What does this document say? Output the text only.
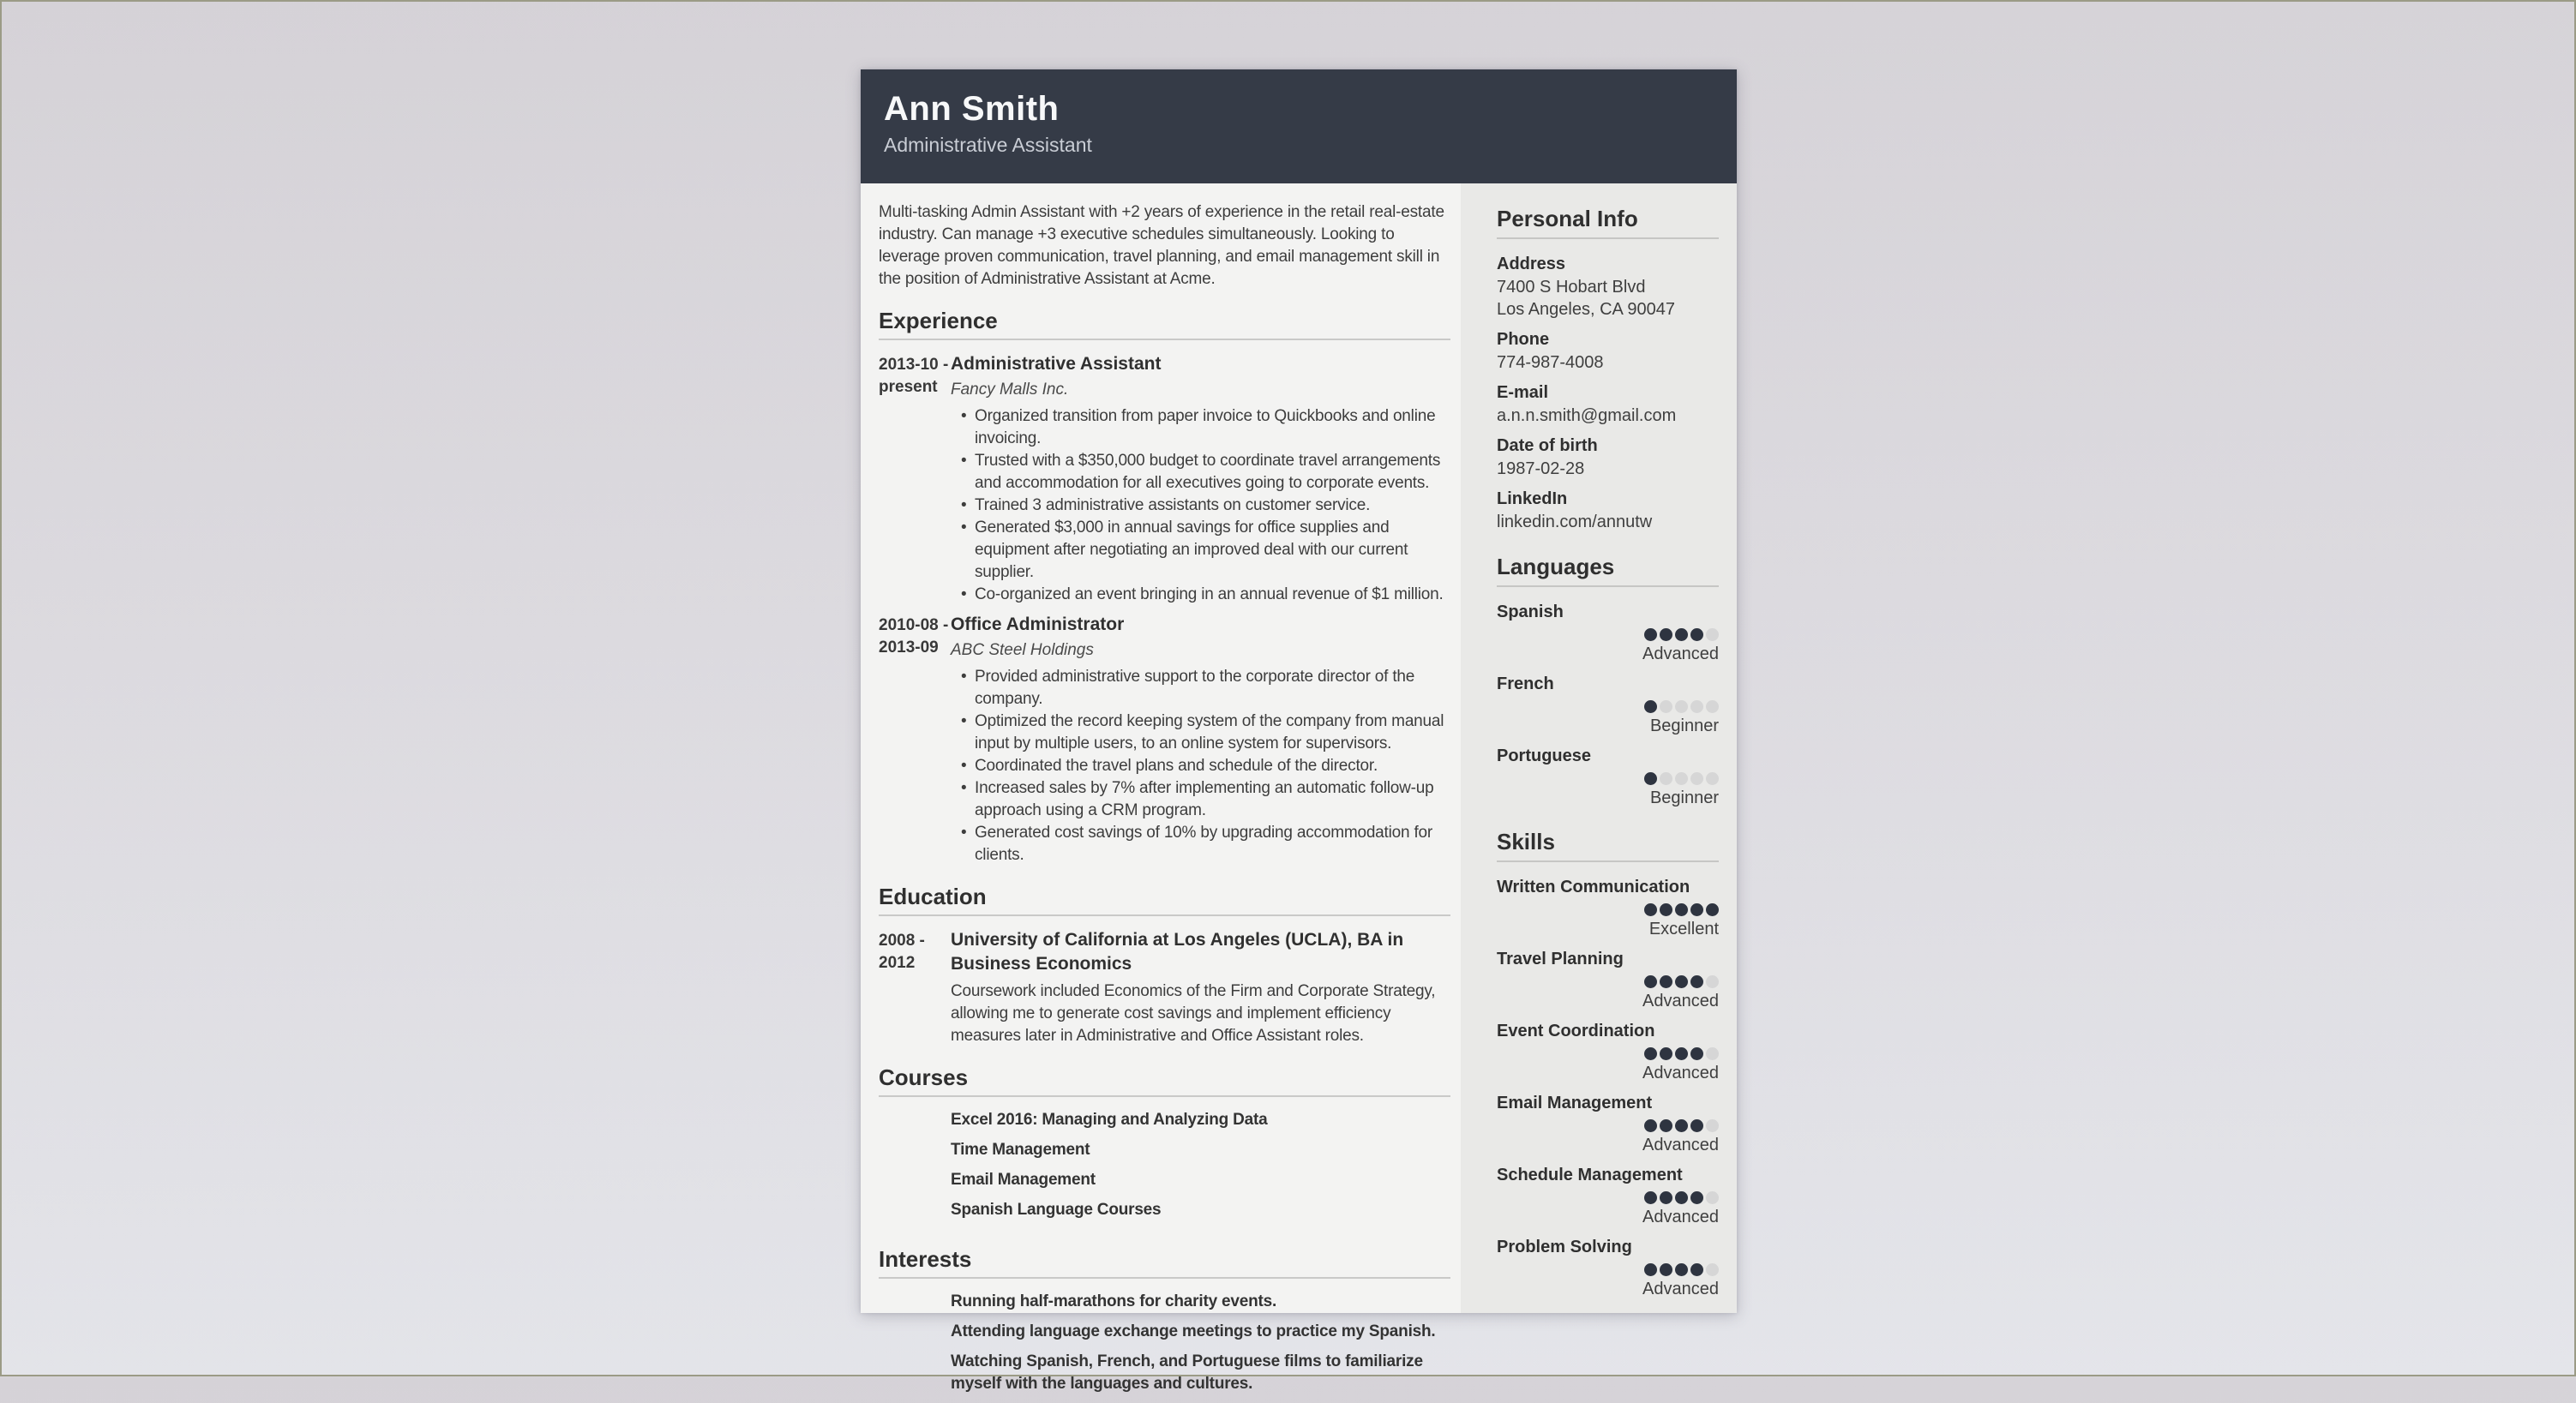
Ann Smith
Administrative Assistant

Multi-tasking Admin Assistant with +2 years of experience in the retail real-estate industry. Can manage +3 executive schedules simultaneously. Looking to leverage proven communication, travel planning, and email management skill in the position of Administrative Assistant at Acme.

Experience
2013-10 -
present
Administrative Assistant
Fancy Malls Inc.
• Organized transition from paper invoice to Quickbooks and online invoicing.
• Trusted with a $350,000 budget to coordinate travel arrangements and accommodation for all executives going to corporate events.
• Trained 3 administrative assistants on customer service.
• Generated $3,000 in annual savings for office supplies and equipment after negotiating an improved deal with our current supplier.
• Co-organized an event bringing in an annual revenue of $1 million.
2010-08 -
2013-09
Office Administrator
ABC Steel Holdings
• Provided administrative support to the corporate director of the company.
• Optimized the record keeping system of the company from manual input by multiple users, to an online system for supervisors.
• Coordinated the travel plans and schedule of the director.
• Increased sales by 7% after implementing an automatic follow-up approach using a CRM program.
• Generated cost savings of 10% by upgrading accommodation for clients.
Education
2008 -
2012
University of California at Los Angeles (UCLA), BA in Business Economics

Coursework included Economics of the Firm and Corporate Strategy, allowing me to generate cost savings and implement efficiency measures later in Administrative and Office Assistant roles.

Courses
Excel 2016: Managing and Analyzing Data
Time Management
Email Management
Spanish Language Courses
Interests
Running half-marathons for charity events.
Attending language exchange meetings to practice my Spanish.
Watching Spanish, French, and Portuguese films to familiarize myself with the languages and cultures.
Personal Info
Address
7400 S Hobart Blvd
Los Angeles, CA 90047
Phone
774-987-4008
E-mail
a.n.n.smith@gmail.com
Date of birth
1987-02-28
LinkedIn
linkedin.com/annutw
Languages
Spanish
Advanced
French
Beginner
Portuguese
Beginner
Skills
Written Communication
Excellent
Travel Planning
Advanced
Event Coordination
Advanced
Email Management
Advanced
Schedule Management
Advanced
Problem Solving
Advanced
